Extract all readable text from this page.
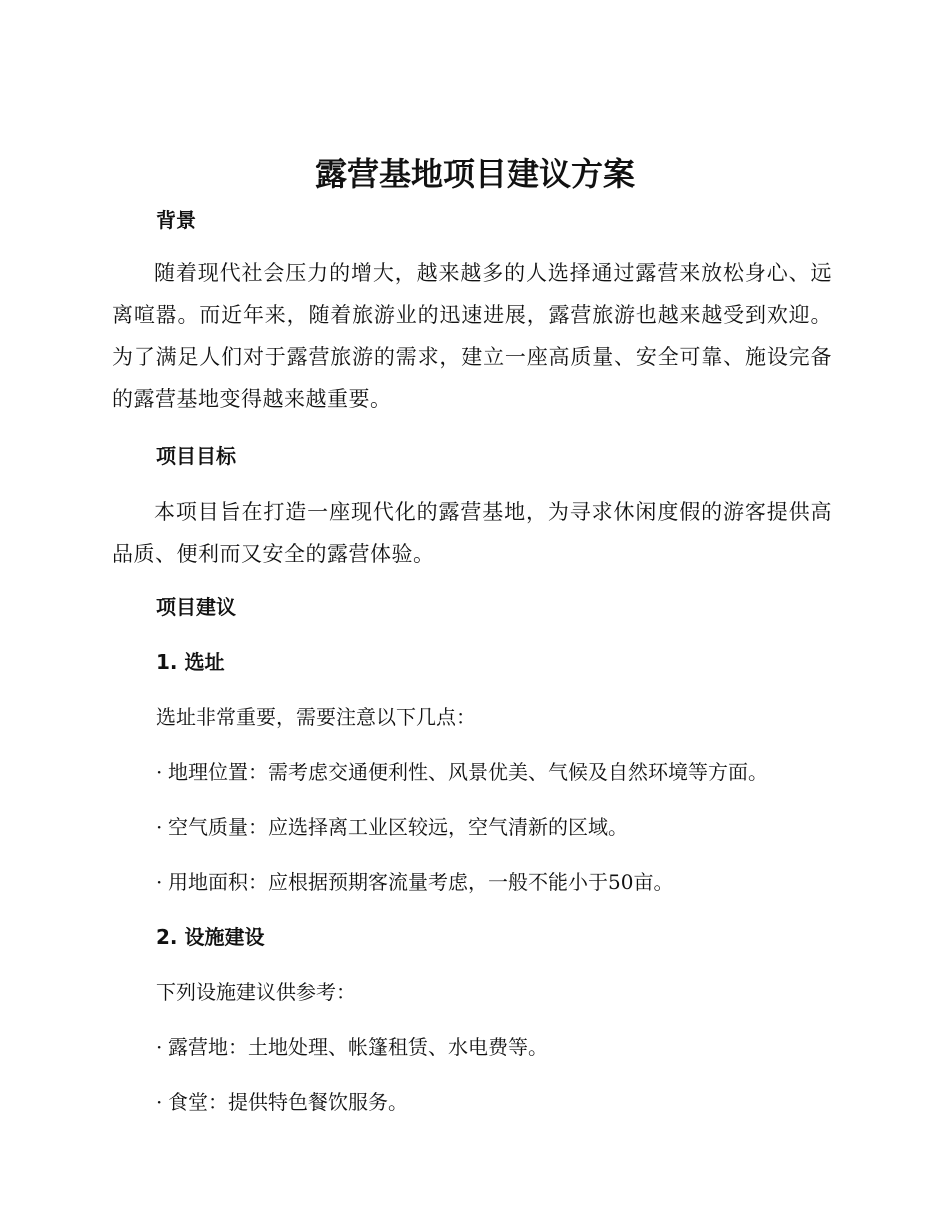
露营基地项目建议方案
背景

随着现代社会压力的增大，越来越多的人选择通过露营来放松身心、远离喧嚣。而近年来，随着旅游业的迅速进展，露营旅游也越来越受到欢迎。为了满足人们对于露营旅游的需求，建立一座高质量、安全可靠、施设完备的露营基地变得越来越重要。

项目目标

本项目旨在打造一座现代化的露营基地，为寻求休闲度假的游客提供高品质、便利而又安全的露营体验。

项目建议
1. 选址

选址非常重要，需要注意以下几点：

· 地理位置：需考虑交通便利性、风景优美、气候及自然环境等方面。

· 空气质量：应选择离工业区较远，空气清新的区域。

· 用地面积：应根据预期客流量考虑，一般不能小于50亩。

2. 设施建设

下列设施建议供参考：

· 露营地：土地处理、帐篷租赁、水电费等。

· 食堂：提供特色餐饮服务。
